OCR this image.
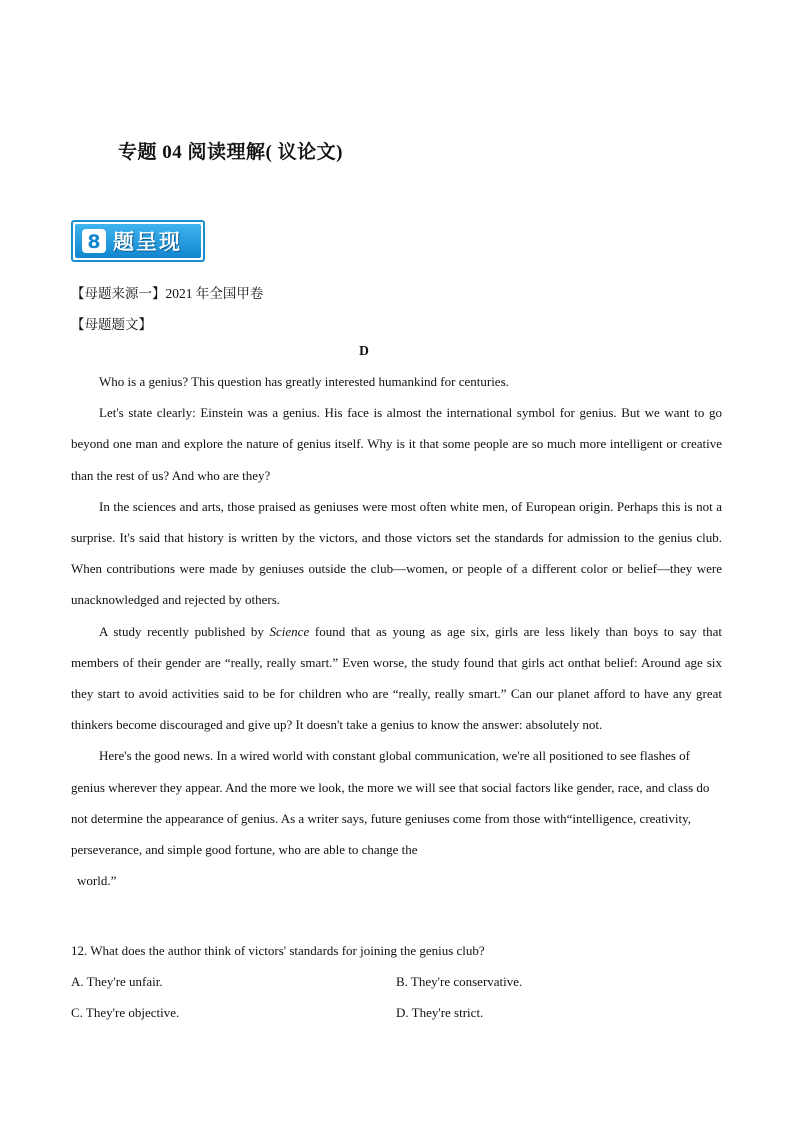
专题 04 阅读理解( 议论文)
8 题呈现
【母题来源一】2021 年全国甲卷
【母题题文】
D

Who is a genius? This question has greatly interested humankind for centuries.

Let's state clearly: Einstein was a genius. His face is almost the international symbol for genius. But we want to go beyond one man and explore the nature of genius itself. Why is it that some people are so much more intelligent or creative than the rest of us? And who are they?

In the sciences and arts, those praised as geniuses were most often white men, of European origin. Perhaps this is not a surprise. It's said that history is written by the victors, and those victors set the standards for admission to the genius club. When contributions were made by geniuses outside the club—women, or people of a different color or belief—they were unacknowledged and rejected by others.

A study recently published by Science found that as young as age six, girls are less likely than boys to say that members of their gender are “really, really smart.” Even worse, the study found that girls act onthat belief: Around age six they start to avoid activities said to be for children who are “really, really smart.” Can our planet afford to have any great thinkers become discouraged and give up? It doesn't take a genius to know the answer: absolutely not.

Here's the good news. In a wired world with constant global communication, we're all positioned to see flashes of genius wherever they appear. And the more we look, the more we will see that social factors like gender, race, and class do not determine the appearance of genius. As a writer says, future geniuses come from those with“intelligence, creativity, perseverance, and simple good fortune, who are able to change the

world.”

12. What does the author think of victors' standards for joining the genius club?

A. They're unfair.	B. They're conservative.
C. They're objective.	D. They're strict.
